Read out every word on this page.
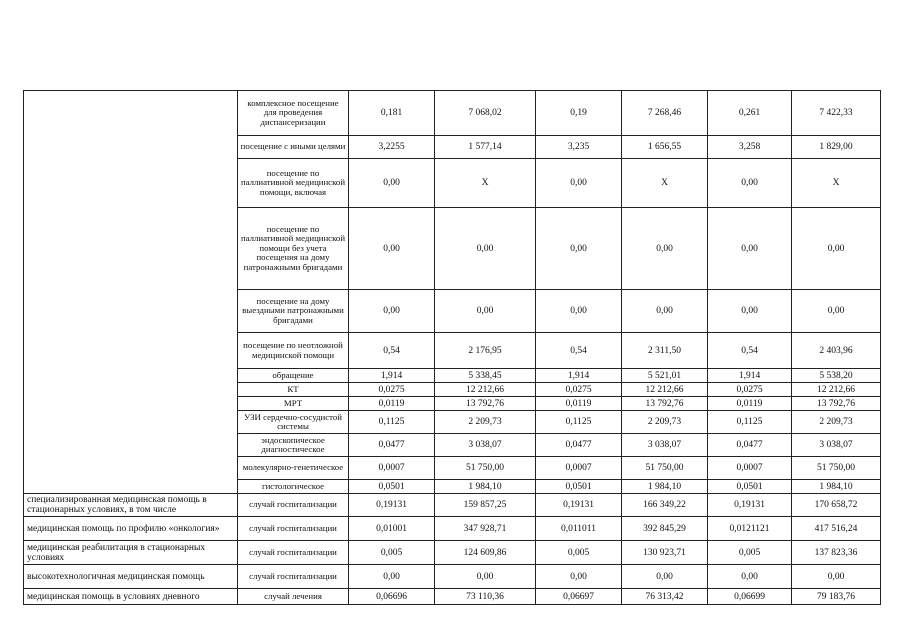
	комплексное посещение для проведения диспансеризации	0,181	7 068,02	0,19	7 268,46	0,261	7 422,33
	посещение с иными целями	3,2255	1 577,14	3,235	1 656,55	3,258	1 829,00
	посещение по паллиативной медицинской помощи, включая	0,00	X	0,00	X	0,00	X
	посещение по паллиативной медицинской помощи без учета посещения на дому патронажными бригадами	0,00	0,00	0,00	0,00	0,00	0,00
	посещение на дому выездными патронажными бригадами	0,00	0,00	0,00	0,00	0,00	0,00
	посещение по неотложной медицинской помощи	0,54	2 176,95	0,54	2 311,50	0,54	2 403,96
	обращение	1,914	5 338,45	1,914	5 521,01	1,914	5 538,20
	КТ	0,0275	12 212,66	0,0275	12 212,66	0,0275	12 212,66
	МРТ	0,0119	13 792,76	0,0119	13 792,76	0,0119	13 792,76
	УЗИ сердечно-сосудистой системы	0,1125	2 209,73	0,1125	2 209,73	0,1125	2 209,73
	эндоскопическое диагностическое	0,0477	3 038,07	0,0477	3 038,07	0,0477	3 038,07
	молекулярно-генетическое	0,0007	51 750,00	0,0007	51 750,00	0,0007	51 750,00
	гистологическое	0,0501	1 984,10	0,0501	1 984,10	0,0501	1 984,10
специализированная медицинская помощь в стационарных условиях, в том числе	случай госпитализации	0,19131	159 857,25	0,19131	166 349,22	0,19131	170 658,72
медицинская помощь по профилю «онкология»	случай госпитализации	0,01001	347 928,71	0,011011	392 845,29	0,0121121	417 516,24
медицинская реабилитация в стационарных условиях	случай госпитализации	0,005	124 609,86	0,005	130 923,71	0,005	137 823,36
высокотехнологичная медицинская помощь	случай госпитализации	0,00	0,00	0,00	0,00	0,00	0,00
медицинская помощь в условиях дневного	случай лечения	0,06696	73 110,36	0,06697	76 313,42	0,06699	79 183,76
